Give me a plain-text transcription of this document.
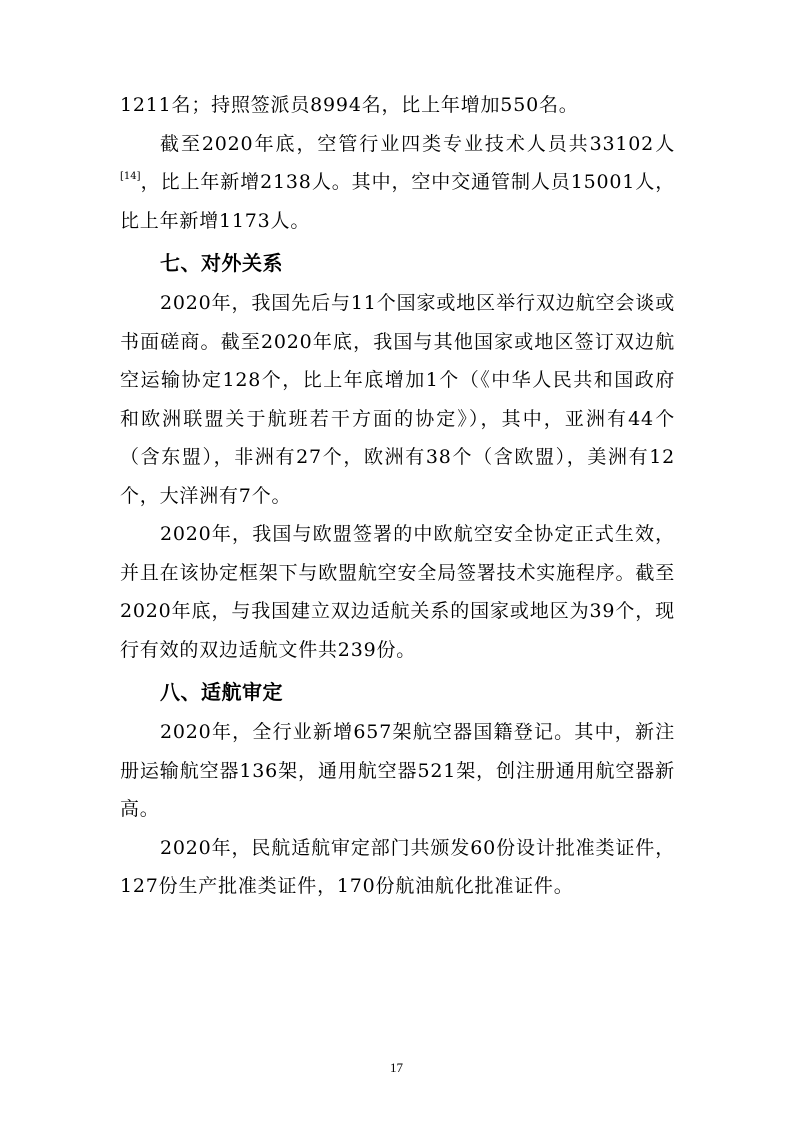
1211名；持照签派员8994名，比上年增加550名。

截至2020年底，空管行业四类专业技术人员共33102人[14]，比上年新增2138人。其中，空中交通管制人员15001人，比上年新增1173人。

七、对外关系

2020年，我国先后与11个国家或地区举行双边航空会谈或书面磋商。截至2020年底，我国与其他国家或地区签订双边航空运输协定128个，比上年底增加1个（《中华人民共和国政府和欧洲联盟关于航班若干方面的协定》），其中，亚洲有44个（含东盟），非洲有27个，欧洲有38个（含欧盟），美洲有12个，大洋洲有7个。

2020年，我国与欧盟签署的中欧航空安全协定正式生效，并且在该协定框架下与欧盟航空安全局签署技术实施程序。截至2020年底，与我国建立双边适航关系的国家或地区为39个，现行有效的双边适航文件共239份。

八、适航审定

2020年，全行业新增657架航空器国籍登记。其中，新注册运输航空器136架，通用航空器521架，创注册通用航空器新高。

2020年，民航适航审定部门共颁发60份设计批准类证件，127份生产批准类证件，170份航油航化批准证件。

17
